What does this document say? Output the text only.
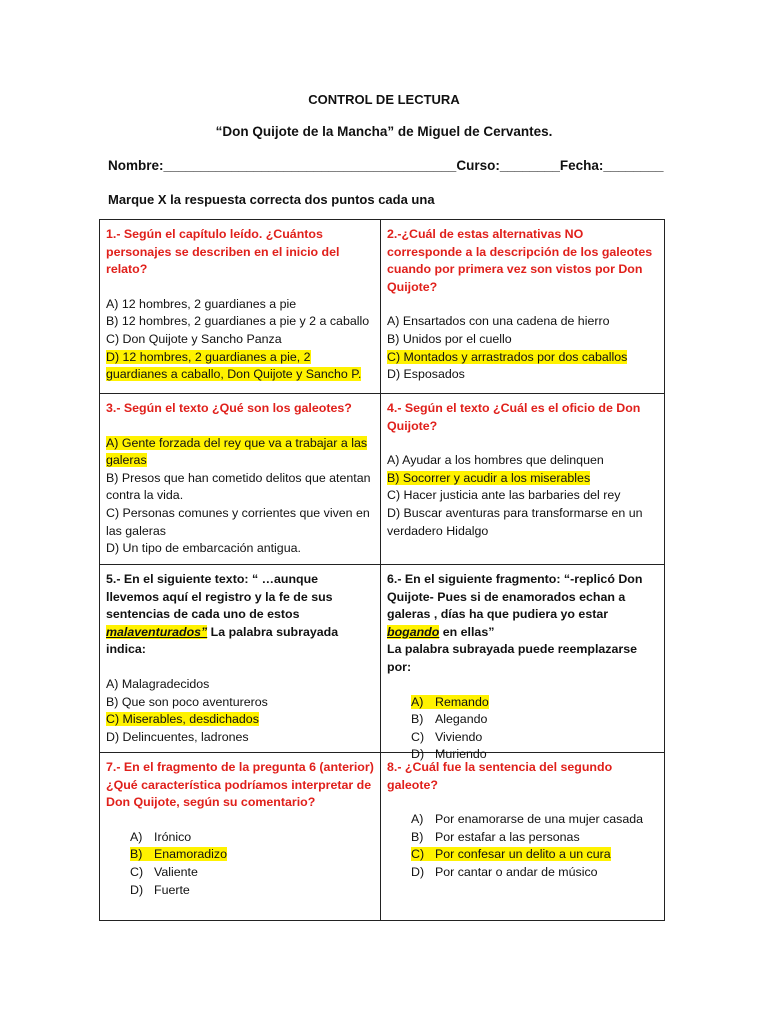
CONTROL DE LECTURA
“Don Quijote de la Mancha” de Miguel de Cervantes.
Nombre:_______________________________________Curso:________Fecha:________
Marque X la respuesta correcta dos puntos cada una
1.- Según el capítulo leído. ¿Cuántos personajes se describen en el inicio del relato?
A) 12 hombres, 2 guardianes a pie
B) 12 hombres, 2 guardianes a pie y 2 a caballo
C) Don Quijote y Sancho Panza
D) 12 hombres, 2 guardianes a pie, 2 guardianes a caballo, Don Quijote y Sancho P.
2.-¿Cuál de estas alternativas NO corresponde a la descripción de los galeotes cuando por primera vez son vistos por Don Quijote?
A) Ensartados con una cadena de hierro
B) Unidos por el cuello
C) Montados y arrastrados por dos caballos
D) Esposados
3.- Según el texto ¿Qué son los galeotes?
A) Gente forzada del rey que va a trabajar a las galeras
B) Presos que han cometido delitos que atentan contra la vida.
C) Personas comunes y corrientes que viven en las galeras
D) Un tipo de embarcación antigua.
4.- Según el texto ¿Cuál es el oficio de Don Quijote?
A) Ayudar a los hombres que delinquen
B) Socorrer y acudir a los miserables
C) Hacer justicia ante las barbaries del rey
D) Buscar aventuras para transformarse en un verdadero Hidalgo
5.- En el siguiente texto: “ …aunque llevemos aquí el registro y la fe de sus sentencias de cada uno de estos malaventurados” La palabra subrayada indica:
A) Malagradecidos
B) Que son poco aventureros
C) Miserables, desdichados
D) Delincuentes, ladrones
6.- En el siguiente fragmento: “-replicó Don Quijote- Pues si de enamorados echan a galeras , días ha que pudiera yo estar bogando en ellas”
La palabra subrayada puede reemplazarse por:
A) Remando
B) Alegando
C) Viviendo
D) Muriendo
7.- En el fragmento de la pregunta 6 (anterior) ¿Qué característica podríamos interpretar de Don Quijote, según su comentario?
A) Irónico
B) Enamoradizo
C) Valiente
D) Fuerte
8.- ¿Cuál fue la sentencia del segundo galeote?
A) Por enamorarse de una mujer casada
B) Por estafar a las personas
C) Por confesar un delito a un cura
D) Por cantar o andar de músico
